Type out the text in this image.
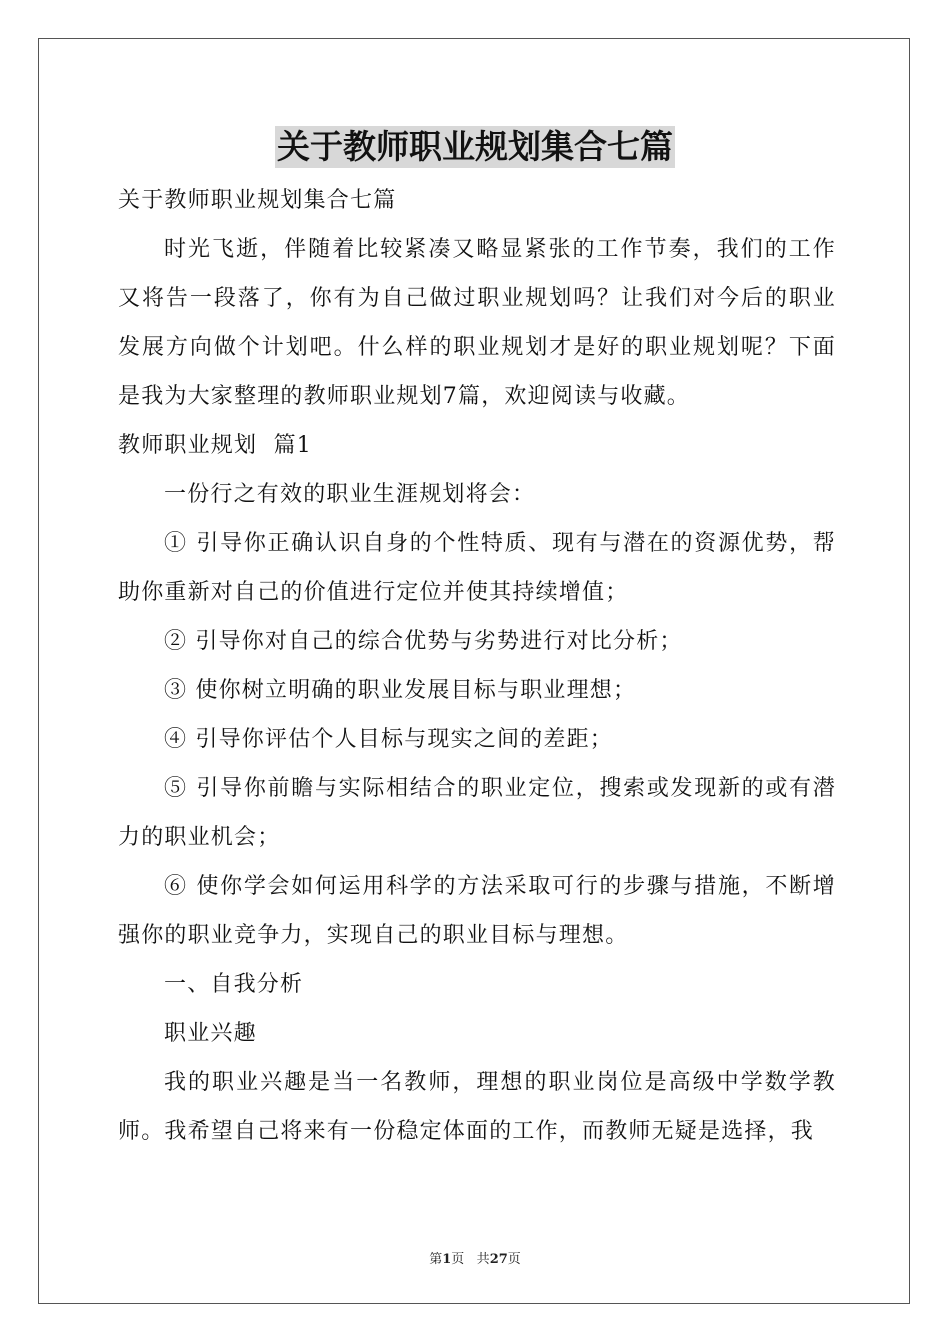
关于教师职业规划集合七篇
关于教师职业规划集合七篇
时光飞逝，伴随着比较紧凑又略显紧张的工作节奏，我们的工作又将告一段落了，你有为自己做过职业规划吗？让我们对今后的职业发展方向做个计划吧。什么样的职业规划才是好的职业规划呢？下面是我为大家整理的教师职业规划7篇，欢迎阅读与收藏。
教师职业规划  篇1
一份行之有效的职业生涯规划将会：
① 引导你正确认识自身的个性特质、现有与潜在的资源优势，帮助你重新对自己的价值进行定位并使其持续增值；
② 引导你对自己的综合优势与劣势进行对比分析；
③ 使你树立明确的职业发展目标与职业理想；
④ 引导你评估个人目标与现实之间的差距；
⑤ 引导你前瞻与实际相结合的职业定位，搜索或发现新的或有潜力的职业机会；
⑥ 使你学会如何运用科学的方法采取可行的步骤与措施，不断增强你的职业竞争力，实现自己的职业目标与理想。
一、自我分析
职业兴趣
我的职业兴趣是当一名教师，理想的职业岗位是高级中学数学教师。我希望自己将来有一份稳定体面的工作，而教师无疑是选择，我
第1页 共27页
